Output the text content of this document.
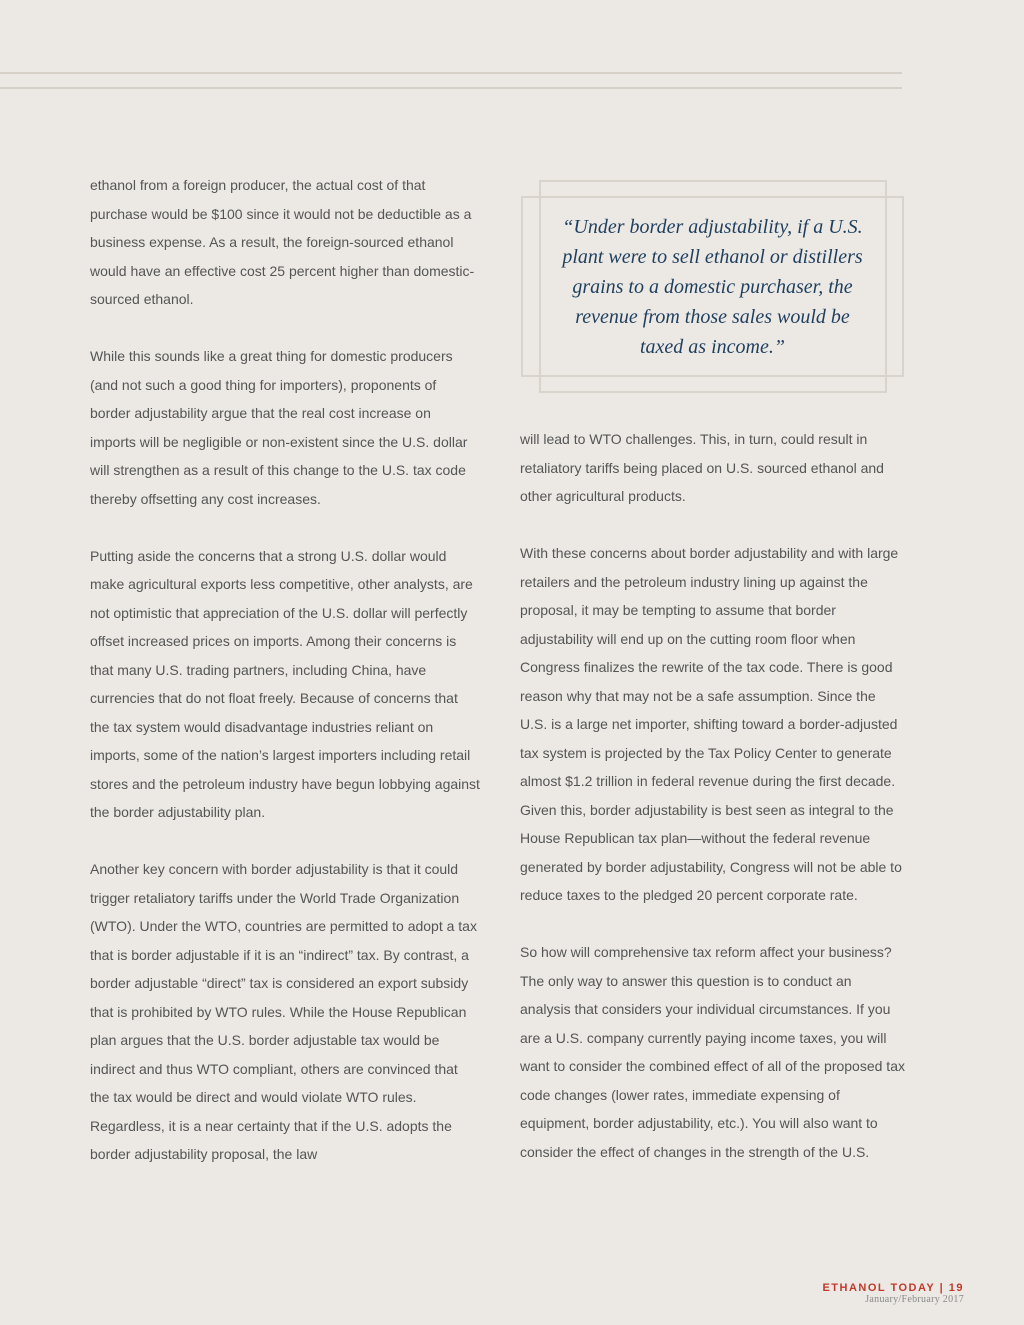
ethanol from a foreign producer, the actual cost of that purchase would be $100 since it would not be deductible as a business expense. As a result, the foreign-sourced ethanol would have an effective cost 25 percent higher than domestic-sourced ethanol.

While this sounds like a great thing for domestic producers (and not such a good thing for importers), proponents of border adjustability argue that the real cost increase on imports will be negligible or non-existent since the U.S. dollar will strengthen as a result of this change to the U.S. tax code thereby offsetting any cost increases.

Putting aside the concerns that a strong U.S. dollar would make agricultural exports less competitive, other analysts, are not optimistic that appreciation of the U.S. dollar will perfectly offset increased prices on imports. Among their concerns is that many U.S. trading partners, including China, have currencies that do not float freely. Because of concerns that the tax system would disadvantage industries reliant on imports, some of the nation’s largest importers including retail stores and the petroleum industry have begun lobbying against the border adjustability plan.

Another key concern with border adjustability is that it could trigger retaliatory tariffs under the World Trade Organization (WTO). Under the WTO, countries are permitted to adopt a tax that is border adjustable if it is an “indirect” tax. By contrast, a border adjustable “direct” tax is considered an export subsidy that is prohibited by WTO rules. While the House Republican plan argues that the U.S. border adjustable tax would be indirect and thus WTO compliant, others are convinced that the tax would be direct and would violate WTO rules. Regardless, it is a near certainty that if the U.S. adopts the border adjustability proposal, the law

“Under border adjustability, if a U.S. plant were to sell ethanol or distillers grains to a domestic purchaser, the revenue from those sales would be taxed as income.”

will lead to WTO challenges. This, in turn, could result in retaliatory tariffs being placed on U.S. sourced ethanol and other agricultural products.

With these concerns about border adjustability and with large retailers and the petroleum industry lining up against the proposal, it may be tempting to assume that border adjustability will end up on the cutting room floor when Congress finalizes the rewrite of the tax code. There is good reason why that may not be a safe assumption. Since the U.S. is a large net importer, shifting toward a border-adjusted tax system is projected by the Tax Policy Center to generate almost $1.2 trillion in federal revenue during the first decade. Given this, border adjustability is best seen as integral to the House Republican tax plan—without the federal revenue generated by border adjustability, Congress will not be able to reduce taxes to the pledged 20 percent corporate rate.

So how will comprehensive tax reform affect your business? The only way to answer this question is to conduct an analysis that considers your individual circumstances. If you are a U.S. company currently paying income taxes, you will want to consider the combined effect of all of the proposed tax code changes (lower rates, immediate expensing of equipment, border adjustability, etc.). You will also want to consider the effect of changes in the strength of the U.S.

ETHANOL TODAY | 19
January/February 2017
